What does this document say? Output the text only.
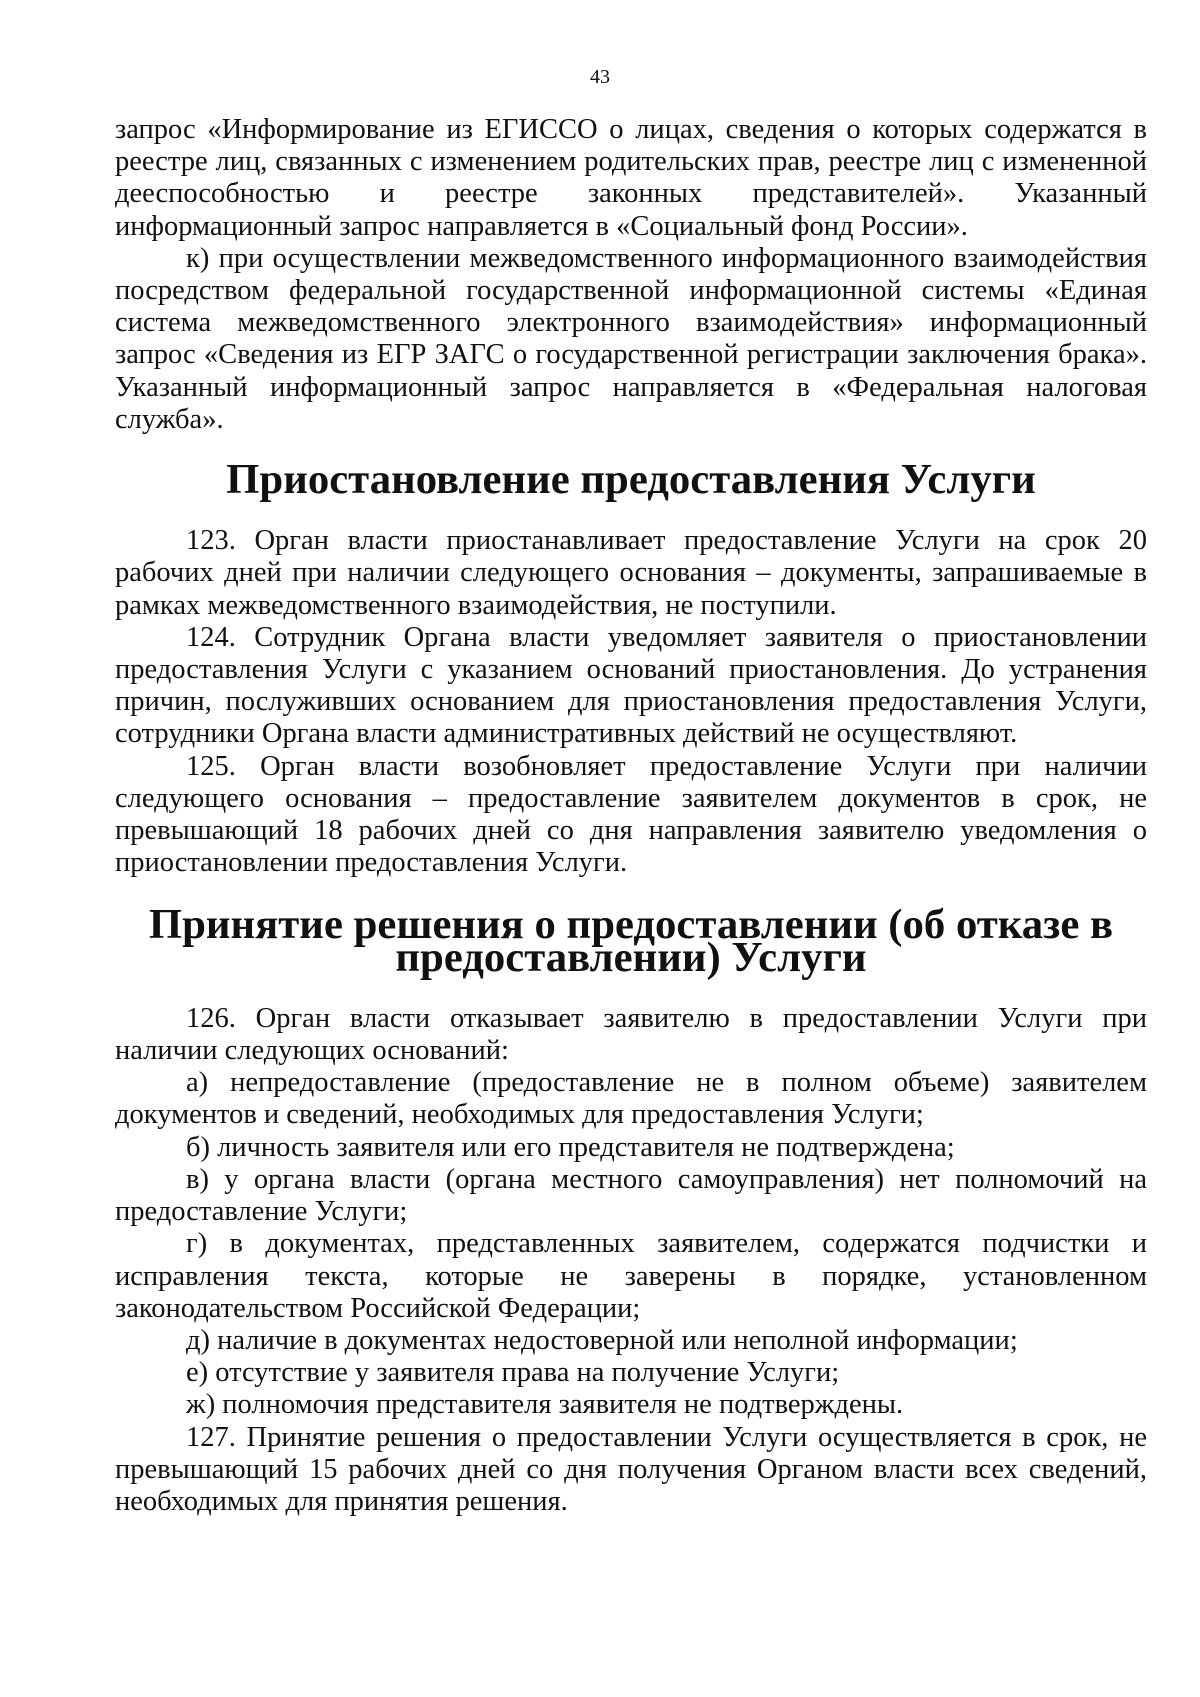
43

запрос «Информирование из ЕГИССО о лицах, сведения о которых содержатся в реестре лиц, связанных с изменением родительских прав, реестре лиц с измененной дееспособностью и реестре законных представителей». Указанный информационный запрос направляется в «Социальный фонд России».

к) при осуществлении межведомственного информационного взаимодействия посредством федеральной государственной информационной системы «Единая система межведомственного электронного взаимодействия» информационный запрос «Сведения из ЕГР ЗАГС о государственной регистрации заключения брака». Указанный информационный запрос направляется в «Федеральная налоговая служба».

Приостановление предоставления Услуги

123. Орган власти приостанавливает предоставление Услуги на срок 20 рабочих дней при наличии следующего основания – документы, запрашиваемые в рамках межведомственного взаимодействия, не поступили.

124. Сотрудник Органа власти уведомляет заявителя о приостановлении предоставления Услуги с указанием оснований приостановления. До устранения причин, послуживших основанием для приостановления предоставления Услуги, сотрудники Органа власти административных действий не осуществляют.

125. Орган власти возобновляет предоставление Услуги при наличии следующего основания – предоставление заявителем документов в срок, не превышающий 18 рабочих дней со дня направления заявителю уведомления о приостановлении предоставления Услуги.

Принятие решения о предоставлении (об отказе в предоставлении) Услуги

126. Орган власти отказывает заявителю в предоставлении Услуги при наличии следующих оснований:

а) непредоставление (предоставление не в полном объеме) заявителем документов и сведений, необходимых для предоставления Услуги;

б) личность заявителя или его представителя не подтверждена;

в) у органа власти (органа местного самоуправления) нет полномочий на предоставление Услуги;

г) в документах, представленных заявителем, содержатся подчистки и исправления текста, которые не заверены в порядке, установленном законодательством Российской Федерации;

д) наличие в документах недостоверной или неполной информации;

е) отсутствие у заявителя права на получение Услуги;

ж) полномочия представителя заявителя не подтверждены.

127. Принятие решения о предоставлении Услуги осуществляется в срок, не превышающий 15 рабочих дней со дня получения Органом власти всех сведений, необходимых для принятия решения.
